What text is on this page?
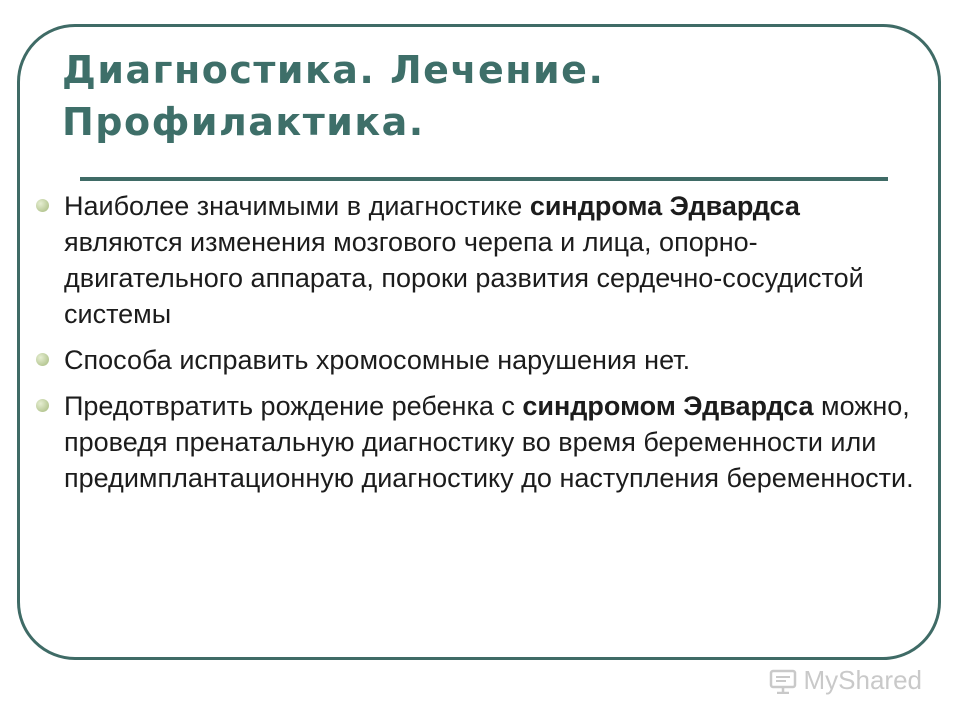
Диагностика. Лечение. Профилактика.
Наиболее значимыми в диагностике синдрома Эдвардса являются изменения мозгового черепа и лица, опорно-двигательного аппарата, пороки развития сердечно-сосудистой системы
Способа исправить хромосомные нарушения нет.
Предотвратить рождение ребенка с синдромом Эдвардса можно, проведя пренатальную диагностику во время беременности или предимплантационную диагностику до наступления беременности.
MyShared
